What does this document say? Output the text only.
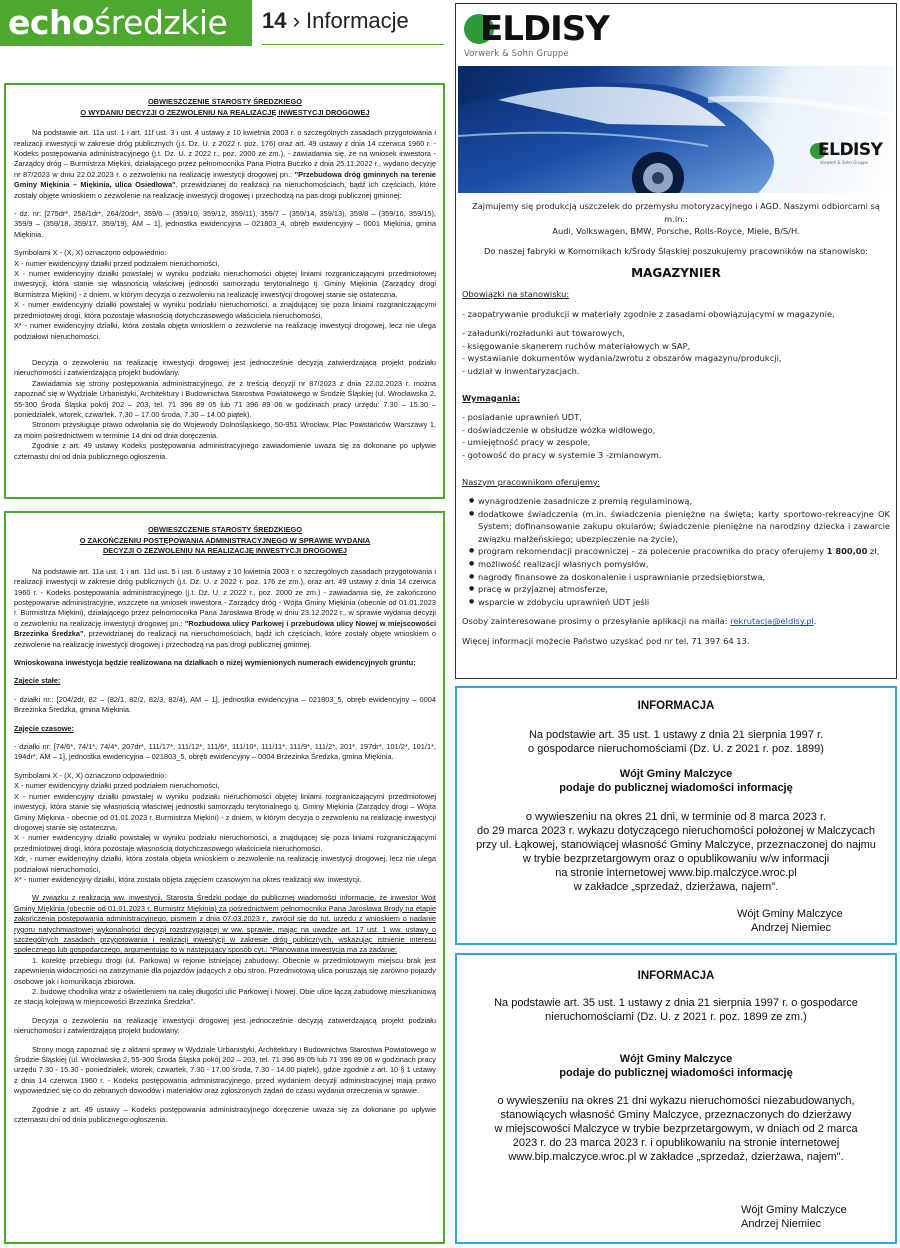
echośredzkie 14 › Informacje
OBWIESZCZENIE STAROSTY ŚREDZKIEGO
O WYDANIU DECYZJI O ZEZWOLENIU NA REALIZACJĘ INWESTYCJI DROGOWEJ

Na podstawie art. 11a ust. 1 i art. 11f ust. 3 i ust. 4 ustawy z 10 kwietnia 2003 r. o szczególnych zasadach przygotowania i realizacji inwestycji w zakresie dróg publicznych (j.t. Dz. U. z 2022 r. poz. 176) oraz art. 49 ustawy z dnia 14 czerwca 1960 r. - Kodeks postępowania administracyjnego (j.t. Dz. U. z 2022 r., poz. 2000 ze zm.), - zawiadamia się, że na wniosek inwestora - Zarządcy dróg – Burmistrza Miękini, działającego przez pełnomocnika Pana Piotra Buczko z dnia 25.11.2022 r., wydano decyzję nr 87/2023 w dniu 22.02.2023 r. o zezwoleniu na realizację inwestycji drogowej pn.: "Przebudowa dróg gminnych na terenie Gminy Miękinia – Miękinia, ulica Osiedlowa", przewidzianej do realizacji na nieruchomościach, bądź ich częściach, które zostały objęte wnioskiem o zezwolenie na realizację inwestycji drogowej i przechodzą na pas drogi publicznej gminnej:

- dz. nr: [275dr*, 258/1dr*, 264/20dr*, 359/6 – (359/10, 359/12, 359/11), 359/7 – (359/14, 359/13), 359/8 – (359/16, 359/15), 359/9 – (359/18, 359/17, 359/19), AM – 1], jednostka ewidencyjna – 021803_4, obręb ewidencyjny – 0001 Miękinia, gmina Miękinia.

Symbolami X - (X, X) oznaczono odpowiednio:

X - numer ewidencyjny działki przed podziałem nieruchomości,

X - numer ewidencyjny działki powstałej w wyniku podziału nieruchomości objętej liniami rozgraniczającymi przedmiotowej inwestycji, która stanie się własnością właściwej jednostki samorządu terytorialnego tj. Gminy Miękinia (Zarządcy drogi Burmistrza Miękini) - z dniem, w którym decyzja o zezwoleniu na realizację inwestycji drogowej stanie się ostateczna,

X - numer ewidencyjny działki powstałej w wyniku podziału nieruchomości, a znajdującej się poza liniami rozgraniczającymi przedmiotowej drogi, która pozostaje własnością dotychczasowego właściciela nieruchomości,

X* - numer ewidencyjny działki, która została objęta wnioskiem o zezwolenie na realizację inwestycji drogowej, lecz nie ulega podziałowi nieruchomości.

Decyzja o zezwoleniu na realizację inwestycji drogowej jest jednocześnie decyzją zatwierdzającą projekt podziału nieruchomości i zatwierdzającą projekt budowlany.

Zawiadamia się strony postępowania administracyjnego, że z treścią decyzji nr 87/2023 z dnia 22.02.2023 r. można zapoznać się w Wydziale Urbanistyki, Architektury i Budownictwa Starostwa Powiatowego w Środzie Śląskiej (ul. Wrocławska 2, 55-300 Środa Śląska pokój 202 – 203, tel. 71 396 89 05 lub 71 396 89 06 w godzinach pracy urzędu: 7.30 – 15.30 – poniedziałek, wtorek, czwartek, 7.30 – 17.00 środa, 7.30 – 14.00 piątek).

Stronom przysługuje prawo odwołania się do Wojewody Dolnośląskiego, 50-951 Wrocław, Plac Powstańców Warszawy 1, za moim pośrednictwem w terminie 14 dni od dnia doręczenia.

Zgodnie z art. 49 ustawy Kodeks postępowania administracyjnego zawiadomienie uważa się za dokonane po upływie czternastu dni od dnia publicznego ogłoszenia.

OBWIESZCZENIE STAROSTY ŚREDZKIEGO
O ZAKOŃCZENIU POSTĘPOWANIA ADMINISTRACYJNEGO W SPRAWIE WYDANIA
DECYZJI O ZEZWOLENIU NA REALIZACJĘ INWESTYCJI DROGOWEJ

Na podstawie art. 11a ust. 1 i art. 11d ust. 5 i ust. 6 ustawy z 10 kwietnia 2003 r. o szczególnych zasadach przygotowania i realizacji inwestycji w zakresie dróg publicznych (j.t. Dz. U. z 2022 r. poz. 176 ze zm.), oraz art. 49 ustawy z dnia 14 czerwca 1960 r. - Kodeks postępowania administracyjnego (j.t. Dz. U. z 2022 r., poz. 2000 ze zm.) - zawiadamia się, że zakończono postępowanie administracyjne, wszczęte na wniosek inwestora - Zarządcy dróg - Wójta Gminy Miękinia (obecnie od 01.01.2023 r. Burmistrza Miękini), działającego przez pełnomocnika Pana Jarosława Brodę w dniu 23.12.2022 r., w sprawie wydania decyzji o zezwoleniu na realizację inwestycji drogowej pn.: "Rozbudowa ulicy Parkowej i przebudowa ulicy Nowej w miejscowości Brzezinka Średzka", przewidzianej do realizacji na nieruchomościach, bądź ich częściach, które zostały objęte wnioskiem o zezwolenie na realizację inwestycji drogowej i przechodzą na pas drogi publicznej gminnej.

Wnioskowana inwestycja będzie realizowana na działkach o niżej wymienionych numerach ewidencyjnych gruntu:

Zajęcie stałe:

- działki nr.: [204/2dr, 82 – (82/1, 82/2, 82/3, 82/4), AM – 1], jednostka ewidencyjna – 021803_5, obręb ewidencyjny – 0004 Brzezinka Średzka, gmina Miękinia.

Zajęcie czasowe:

- działki nr: [74/6*, 74/1*, 74/4*, 207dr*, 111/17*, 111/12*, 111/6*, 111/10*, 111/11*, 111/9*, 111/2*, 201*, 197dr*, 101/2*, 101/1*, 194dr*, AM – 1], jednostka ewidencyjna – 021803_5, obręb ewidencyjny – 0004 Brzezinka Średzka, gmina Miękinia.

Symbolami X - (X, X) oznaczono odpowiednio:

X - numer ewidencyjny działki przed podziałem nieruchomości,

X - numer ewidencyjny działki powstałej w wyniku podziału nieruchomości objętej liniami rozgraniczającymi przedmiotowej inwestycji, która stanie się własnością właściwej jednostki samorządu terytorialnego tj. Gminy Miękinia (Zarządcy drogi – Wójta Gminy Miękinia - obecnie od 01.01.2023 r. Burmistrza Miękini) - z dniem, w którym decyzja o zezwoleniu na realizację inwestycji drogowej stanie się ostateczna,

X - numer ewidencyjny działki powstałej w wyniku podziału nieruchomości, a znajdującej się poza liniami rozgraniczającymi przedmiotowej drogi, która pozostaje własnością dotychczasowego właściciela nieruchomości,

Xdr, - numer ewidencyjny działki, która została objęta wnioskiem o zezwolenie na realizację inwestycji drogowej, lecz nie ulega podziałowi nieruchomości,

X* - numer ewidencyjny działki, która została objęta zajęciem czasowym na okres realizacji ww. inwestycji.

W związku z realizacją ww. inwestycji, Starosta Średzki podaje do publicznej wiadomości informację, że inwestor Wójt Gminy Miękinia (obecnie od 01.01.2023 r. Burmistrz Miękinia) za pośrednictwem pełnomocnika Pana Jarosława Brody na etapie zakończenia postępowania administracyjnego, pismem z dnia 07.03.2023 r., zwrócił się do tut. urzędu z wnioskiem o nadanie rygoru natychmiastowej wykonalności decyzji rozstrzygającej w ww. sprawie, mając na uwadze art. 17 ust. 1 ww. ustawy o szczególnych zasadach przygotowania i realizacji inwestycji w zakresie dróg publicznych, wskazując istnienie interesu społecznego lub gospodarczego, argumentując to w następujący sposób cyt.: "Planowana inwestycja ma za zadanie:

1. korektę przebiegu drogi (ul. Parkowa) w rejonie istniejącej zabudowy. Obecnie w przedmiotowym miejscu brak jest zapewnienia widoczności na zatrzymanie dla pojazdów jadących z obu stron. Przedmiotową ulica poruszają się zarówno pojazdy osobowe jak i komunikacja zbiorowa.

2. budowę chodnika wraz z oświetleniem na całej długości ulic Parkowej i Nowej. Obie ulice łączą zabudowę mieszkaniową ze stacją kolejową w miejscowości Brzezinka Średzka".

Decyzja o zezwoleniu na realizację inwestycji drogowej jest jednocześnie decyzją zatwierdzającą projekt podziału nieruchomości i zatwierdzającą projekt budowlany.

Strony mogą zapoznać się z aktami sprawy w Wydziale Urbanistyki, Architektury i Budownictwa Starostwa Powiatowego w Środzie Śląskiej (ul. Wrocławska 2, 55-300 Środa Śląska pokój 202 – 203, tel. 71 396 89 05 lub 71 396 89 06 w godzinach pracy urzędu 7.30 - 15.30 - poniedziałek, wtorek, czwartek, 7.30 - 17.00 środa, 7.30 - 14.00 piątek), gdzie zgodnie z art. 10 § 1 ustawy z dnia 14 czerwca 1960 r. - Kodeks postępowania administracyjnego, przed wydaniem decyzji administracyjnej mają prawo wypowiedzieć się co do zebranych dowodów i materiałów oraz zgłoszonych żądań do czasu wydania orzeczenia w sprawie.

Zgodnie z art. 49 ustawy – Kodeks postępowania administracyjnego doręczenie uważa się za dokonane po upływie czternastu dni od dnia publicznego ogłoszenia.

ELDISY
Vorwerk & Sohn Gruppe
ELDISY
Vorwerk & Sohn Gruppe
Zajmujemy się produkcją uszczelek do przemysłu motoryzacyjnego i AGD. Naszymi odbiorcami są m.in.:
Audi, Volkswagen, BMW, Porsche, Rolls-Royce, Miele, B/S/H.
Do naszej fabryki w Komornikach k/Środy Śląskiej poszukujemy pracowników na stanowisko:
MAGAZYNIER
Obowiązki na stanowisku:
- zaopatrywanie produkcji w materiały zgodnie z zasadami obowiązującymi w magazynie,
- załadunki/rozładunki aut towarowych,
- księgowanie skanerem ruchów materiałowych w SAP,
- wystawianie dokumentów wydania/zwrotu z obszarów magazynu/produkcji,
- udział w inwentaryzacjach.
Wymagania:
- posiadanie uprawnień UDT,
- doświadczenie w obsłudze wózka widłowego,
- umiejętność pracy w zespole,
- gotowość do pracy w systemie 3 -zmianowym.
Naszym pracownikom oferujemy:
● wynagrodzenie zasadnicze z premią regulaminową,
● dodatkowe świadczenia (m.in. świadczenia pieniężne na święta; karty sportowo-rekreacyjne OK System; dofinansowanie zakupu okularów; świadczenie pieniężne na narodziny dziecka i zawarcie związku małżeńskiego; ubezpieczenie na życie),
● program rekomendacji pracowniczej – za polecenie pracownika do pracy oferujemy 1 800,00 zł,
● możliwość realizacji własnych pomysłów,
● nagrody finansowe za doskonalenie i usprawnianie przedsiębiorstwa,
● pracę w przyjaznej atmosferze,
● wsparcie w zdobyciu uprawnień UDT jeśli
Osoby zainteresowane prosimy o przesyłanie aplikacji na maila: rekrutacja@eldisy.pl.
Więcej informacji możecie Państwo uzyskać pod nr tel. 71 397 64 13.
INFORMACJA
Na podstawie art. 35 ust. 1 ustawy z dnia 21 sierpnia 1997 r.
o gospodarce nieruchomościami (Dz. U. z 2021 r. poz. 1899)
Wójt Gminy Malczyce
podaje do publicznej wiadomości informację
o wywieszeniu na okres 21 dni, w terminie od 8 marca 2023 r.
do 29 marca 2023 r. wykazu dotyczącego nieruchomości położonej w Malczycach
przy ul. Łąkowej, stanowiącej własność Gminy Malczyce, przeznaczonej do najmu
w trybie bezprzetargowym oraz o opublikowaniu w/w informacji
na stronie internetowej www.bip.malczyce.wroc.pl
w zakładce „sprzedaż, dzierżawa, najem".
Wójt Gminy Malczyce
Andrzej Niemiec
INFORMACJA
Na podstawie art. 35 ust. 1 ustawy z dnia 21 sierpnia 1997 r. o gospodarce
nieruchomościami (Dz. U. z 2021 r. poz. 1899 ze zm.)
Wójt Gminy Malczyce
podaje do publicznej wiadomości informację
o wywieszeniu na okres 21 dni wykazu nieruchomości niezabudowanych,
stanowiących własność Gminy Malczyce, przeznaczonych do dzierżawy
w miejscowości Malczyce w trybie bezprzetargowym, w dniach od 2 marca
2023 r. do 23 marca 2023 r. i opublikowaniu na stronie internetowej
www.bip.malczyce.wroc.pl w zakładce „sprzedaż, dzierżawa, najem".
Wójt Gminy Malczyce
Andrzej Niemiec
